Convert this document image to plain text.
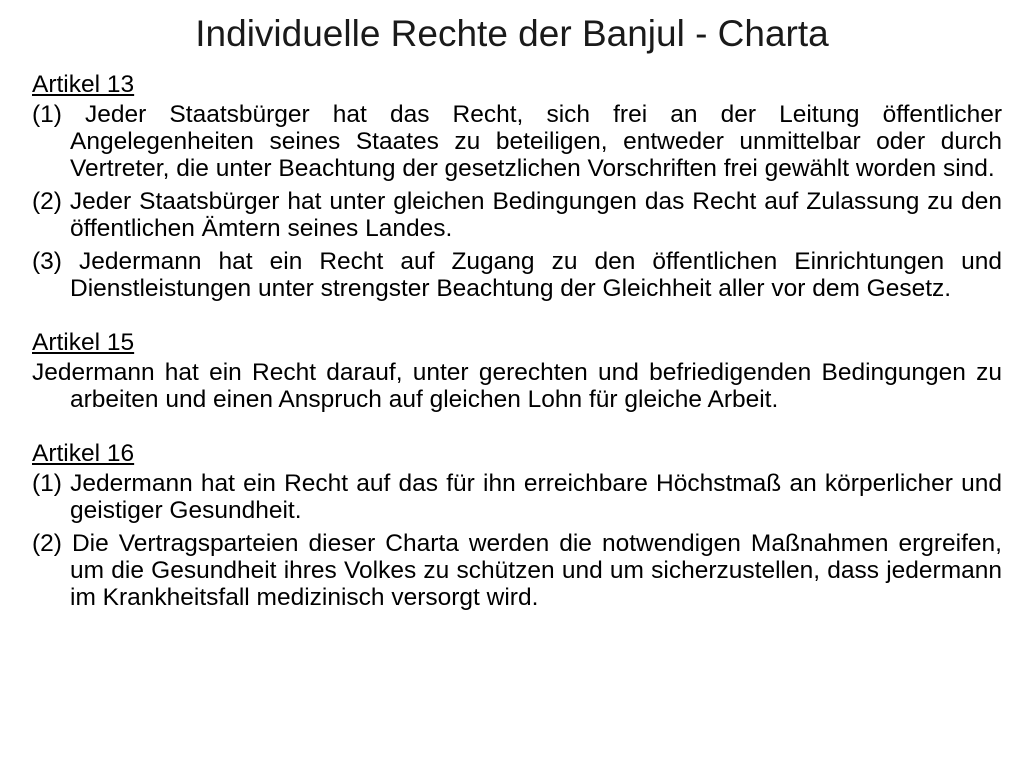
Individuelle Rechte der Banjul - Charta

Artikel 13

(1) Jeder Staatsbürger hat das Recht, sich frei an der Leitung öffentlicher Angelegenheiten seines Staates zu beteiligen, entweder unmittelbar oder durch Vertreter, die unter Beachtung der gesetzlichen Vorschriften frei gewählt worden sind.

(2) Jeder Staatsbürger hat unter gleichen Bedingungen das Recht auf Zulassung zu den öffentlichen Ämtern seines Landes.

(3) Jedermann hat ein Recht auf Zugang zu den öffentlichen Einrichtungen und Dienstleistungen unter strengster Beachtung der Gleichheit aller vor dem Gesetz.

Artikel 15

Jedermann hat ein Recht darauf, unter gerechten und befriedigenden Bedingungen zu arbeiten und einen Anspruch auf gleichen Lohn für gleiche Arbeit.

Artikel 16

(1) Jedermann hat ein Recht auf das für ihn erreichbare Höchstmaß an körperlicher und geistiger Gesundheit.

(2) Die Vertragsparteien dieser Charta werden die notwendigen Maßnahmen ergreifen, um die Gesundheit ihres Volkes zu schützen und um sicherzustellen, dass jedermann im Krankheitsfall medizinisch versorgt wird.
